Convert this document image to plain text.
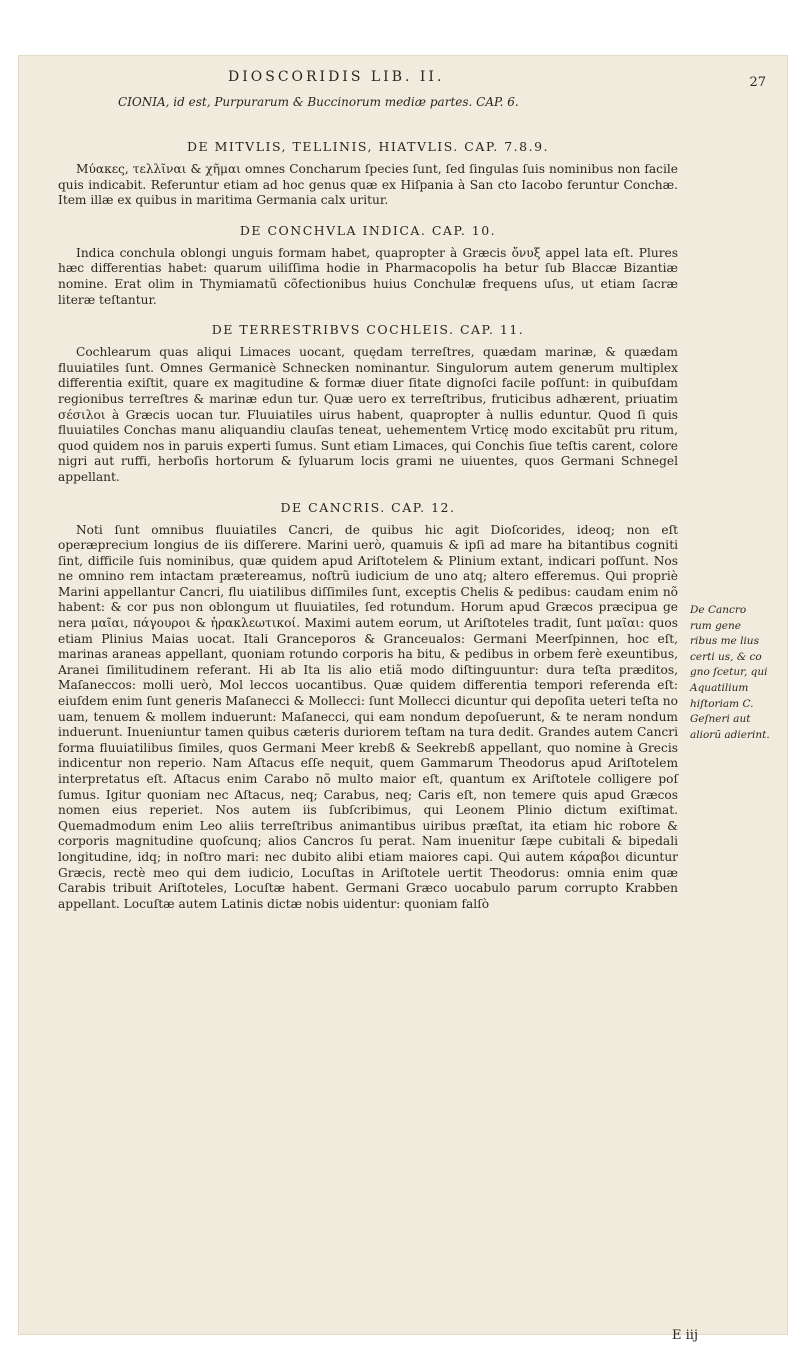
DIOSCORIDIS LIB. II.	27
CIONIA, id est, Purpurarum & Buccinorum mediæ partes. CAP. 6.
DE MITVLIS, TELLINIS, HIATVLIS. CAP. 7.8.9.

Μύακες, τελλῖναι & χῆμαι omnes Concharum ſpecies ſunt, ſed ſingulas ſuis nominibus non facile quis indicabit. Referuntur etiam ad hoc genus quæ ex Hiſpania à San cto Iacobo feruntur Conchæ. Item illæ ex quibus in maritima Germania calx uritur.

DE CONCHVLA INDICA. CAP. 10.

Indica conchula oblongi unguis formam habet, quapropter à Græcis ὄνυξ appel lata eſt. Plures hæc differentias habet: quarum uiliſſima hodie in Pharmacopolis ha betur ſub Blaccæ Bizantiæ nomine. Erat olim in Thymiamatũ cõfectionibus huius Conchulæ frequens uſus, ut etiam ſacræ literæ teſtantur.

DE TERRESTRIBVS COCHLEIS. CAP. 11.

Cochlearum quas aliqui Limaces uocant, quędam terreſtres, quædam marinæ, & quædam fluuiatiles ſunt. Omnes Germanicè Schnecken nominantur. Singulorum autem generum multiplex differentia exiſtit, quare ex magitudine & formæ diuer ſitate dignoſci facile poſſunt: in quibuſdam regionibus terreſtres & marinæ edun tur. Quæ uero ex terreſtribus, fruticibus adhærent, priuatim σέσιλοι à Græcis uocan tur. Fluuiatiles uirus habent, quapropter à nullis eduntur. Quod ſi quis fluuiatiles Conchas manu aliquandiu clauſas teneat, uehementem Vrticę modo excitabũt pru ritum, quod quidem nos in paruis experti ſumus. Sunt etiam Limaces, qui Conchis ſiue teſtis carent, colore nigri aut ruffi, herboſis hortorum & ſyluarum locis grami ne uiuentes, quos Germani Schnegel appellant.

DE CANCRIS. CAP. 12.

Noti ſunt omnibus fluuiatiles Cancri, de quibus hic agit Dioſcorides, ideoq; non eſt operæprecium longius de iis diſſerere. Marini uerò, quamuis & ipſi ad mare ha bitantibus cogniti ſint, difficile ſuis nominibus, quæ quidem apud Ariſtotelem & Plinium extant, indicari poſſunt. Nos ne omnino rem intactam prætereamus, noſtrũ iudicium de uno atq; altero efferemus. Qui propriè Marini appellantur Cancri, flu uiatilibus diſſimiles ſunt, exceptis Chelis & pedibus: caudam enim nõ habent: & cor pus non oblongum ut fluuiatiles, ſed rotundum. Horum apud Græcos præcipua ge nera μαῖαι, πάγουροι & ἡρακλεωτικοί. Maximi autem eorum, ut Ariſtoteles tradit, ſunt μαῖαι: quos etiam Plinius Maias uocat. Itali Granceporos & Granceualos: Germani Meerſpinnen, hoc eſt, marinas araneas appellant, quoniam rotundo corporis ha bitu, & pedibus in orbem ferè exeuntibus, Aranei ſimilitudinem referant. Hi ab Ita lis alio etiã modo diſtinguuntur: dura teſta præditos, Maſaneccos: molli uerò, Mol leccos uocantibus. Quæ quidem differentia tempori referenda eſt: eiuſdem enim ſunt generis Maſanecci & Mollecci: ſunt Mollecci dicuntur qui depoſita ueteri teſta no uam, tenuem & mollem induerunt: Maſanecci, qui eam nondum depoſuerunt, & te neram nondum induerunt. Inueniuntur tamen quibus cæteris duriorem teſtam na tura dedit. Grandes autem Cancri forma fluuiatilibus ſimiles, quos Germani Meer krebß & Seekrebß appellant, quo nomine à Grecis indicentur non reperio. Nam Aſtacus eſſe nequit, quem Gammarum Theodorus apud Ariſtotelem interpretatus eſt. Aſtacus enim Carabo nõ multo maior eſt, quantum ex Ariſtotele colligere poſ ſumus. Igitur quoniam nec Aſtacus, neq; Carabus, neq; Caris eſt, non temere quis apud Græcos nomen eius reperiet. Nos autem iis ſubſcribimus, qui Leonem Plinio dictum exiſtimat. Quemadmodum enim Leo aliis terreſtribus animantibus uiribus præſtat, ita etiam hic robore & corporis magnitudine quoſcunq; alios Cancros ſu perat. Nam inuenitur ſæpe cubitali & bipedali longitudine, idq; in noſtro mari: nec dubito alibi etiam maiores capi. Qui autem κάραβοι dicuntur Græcis, rectè meo qui dem iudicio, Locuſtas in Ariſtotele uertit Theodorus: omnia enim quæ Carabis tribuit Ariſtoteles, Locuſtæ habent. Germani Græco uocabulo parum corrupto Krabben appellant. Locuſtæ autem Latinis dictæ nobis uidentur: quoniam falſò

De Cancro rum gene ribus me lius certi us, & co gno ſcetur, qui Aquatilium hiſtoriam C. Geſneri aut aliorũ adierint.
E iij
